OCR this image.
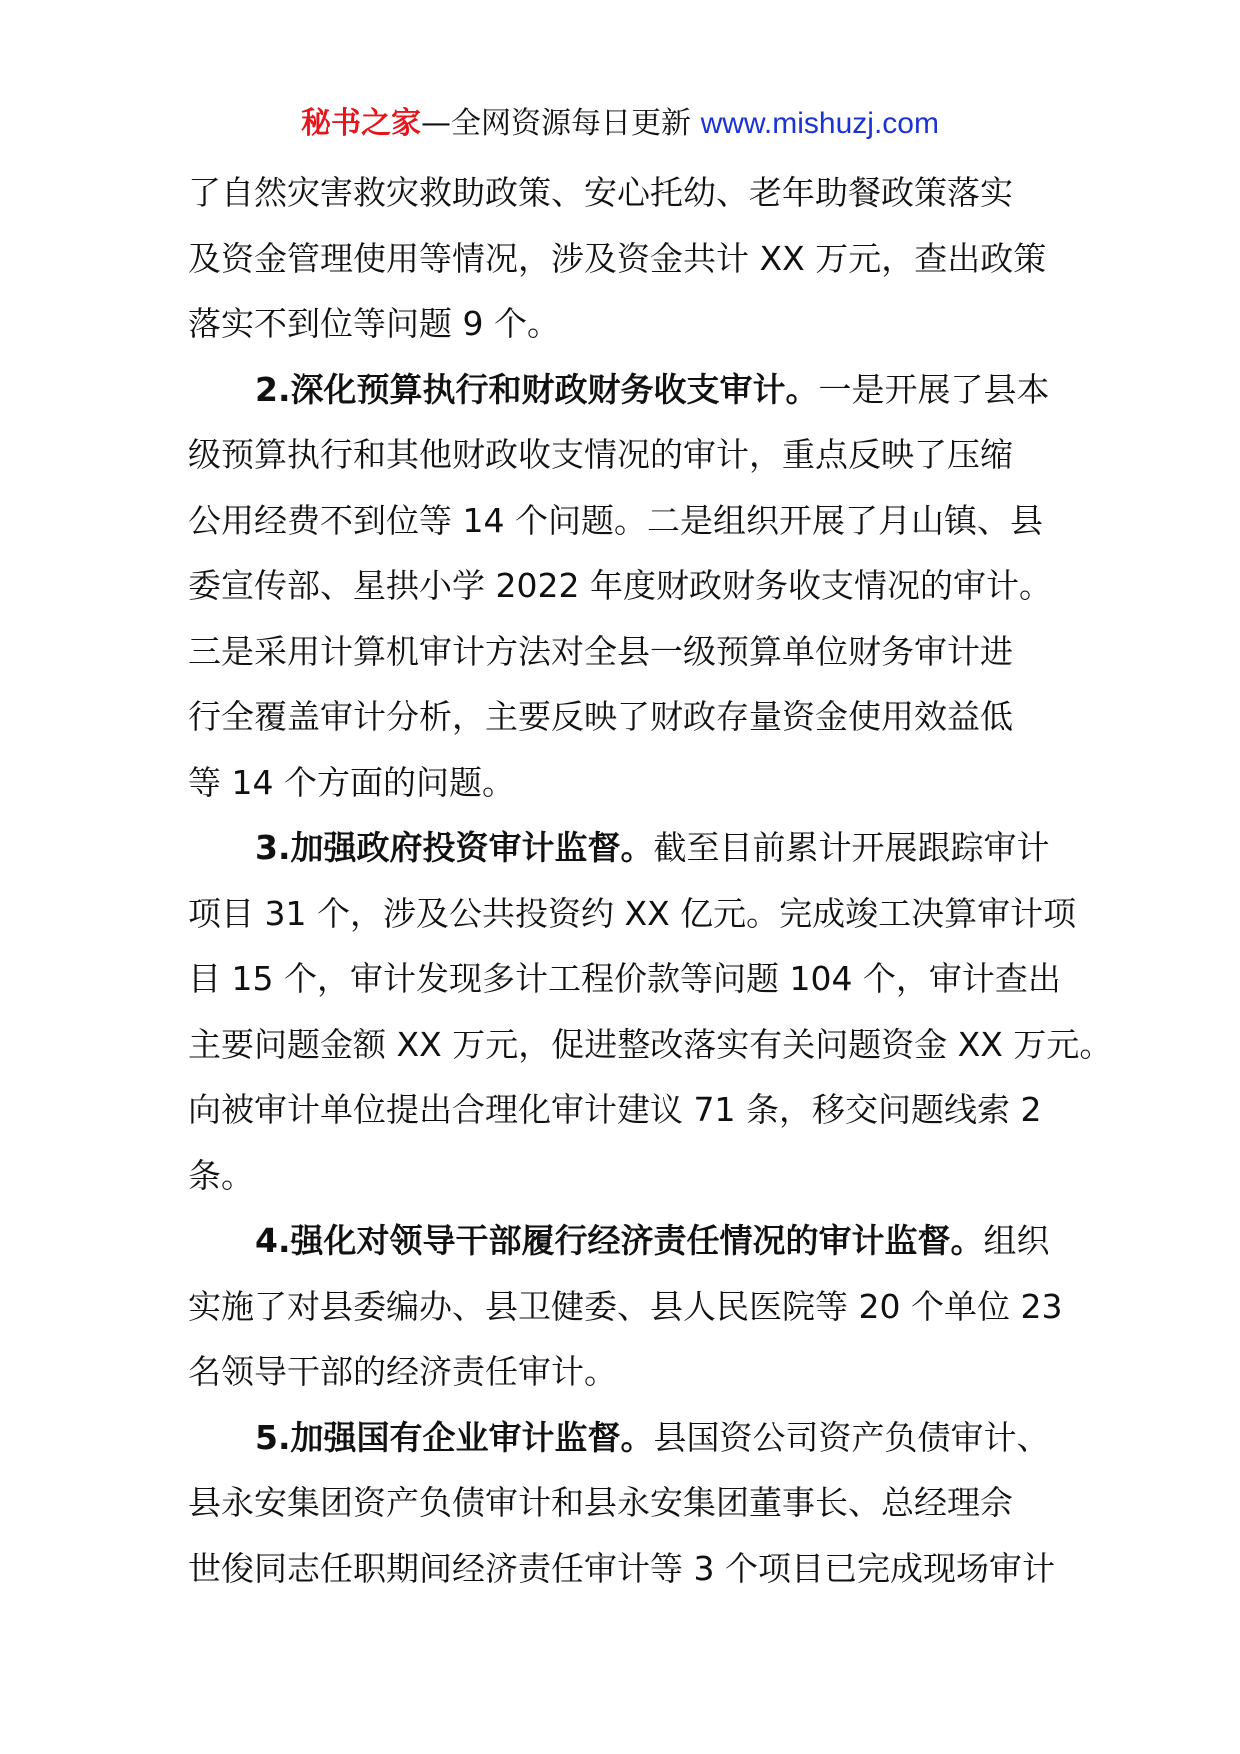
秘书之家—全网资源每日更新 www.mishuzj.com
了自然灾害救灾救助政策、安心托幼、老年助餐政策落实
及资金管理使用等情况，涉及资金共计 XX 万元，查出政策
落实不到位等问题 9 个。
2.深化预算执行和财政财务收支审计。一是开展了县本
级预算执行和其他财政收支情况的审计，重点反映了压缩
公用经费不到位等 14 个问题。二是组织开展了月山镇、县
委宣传部、星拱小学 2022 年度财政财务收支情况的审计。
三是采用计算机审计方法对全县一级预算单位财务审计进
行全覆盖审计分析，主要反映了财政存量资金使用效益低
等 14 个方面的问题。
3.加强政府投资审计监督。截至目前累计开展跟踪审计
项目 31 个，涉及公共投资约 XX 亿元。完成竣工决算审计项
目 15 个，审计发现多计工程价款等问题 104 个，审计查出
主要问题金额 XX 万元，促进整改落实有关问题资金 XX 万元。
向被审计单位提出合理化审计建议 71 条，移交问题线索 2
条。
4.强化对领导干部履行经济责任情况的审计监督。组织
实施了对县委编办、县卫健委、县人民医院等 20 个单位 23
名领导干部的经济责任审计。
5.加强国有企业审计监督。县国资公司资产负债审计、
县永安集团资产负债审计和县永安集团董事长、总经理佘
世俊同志任职期间经济责任审计等 3 个项目已完成现场审计
